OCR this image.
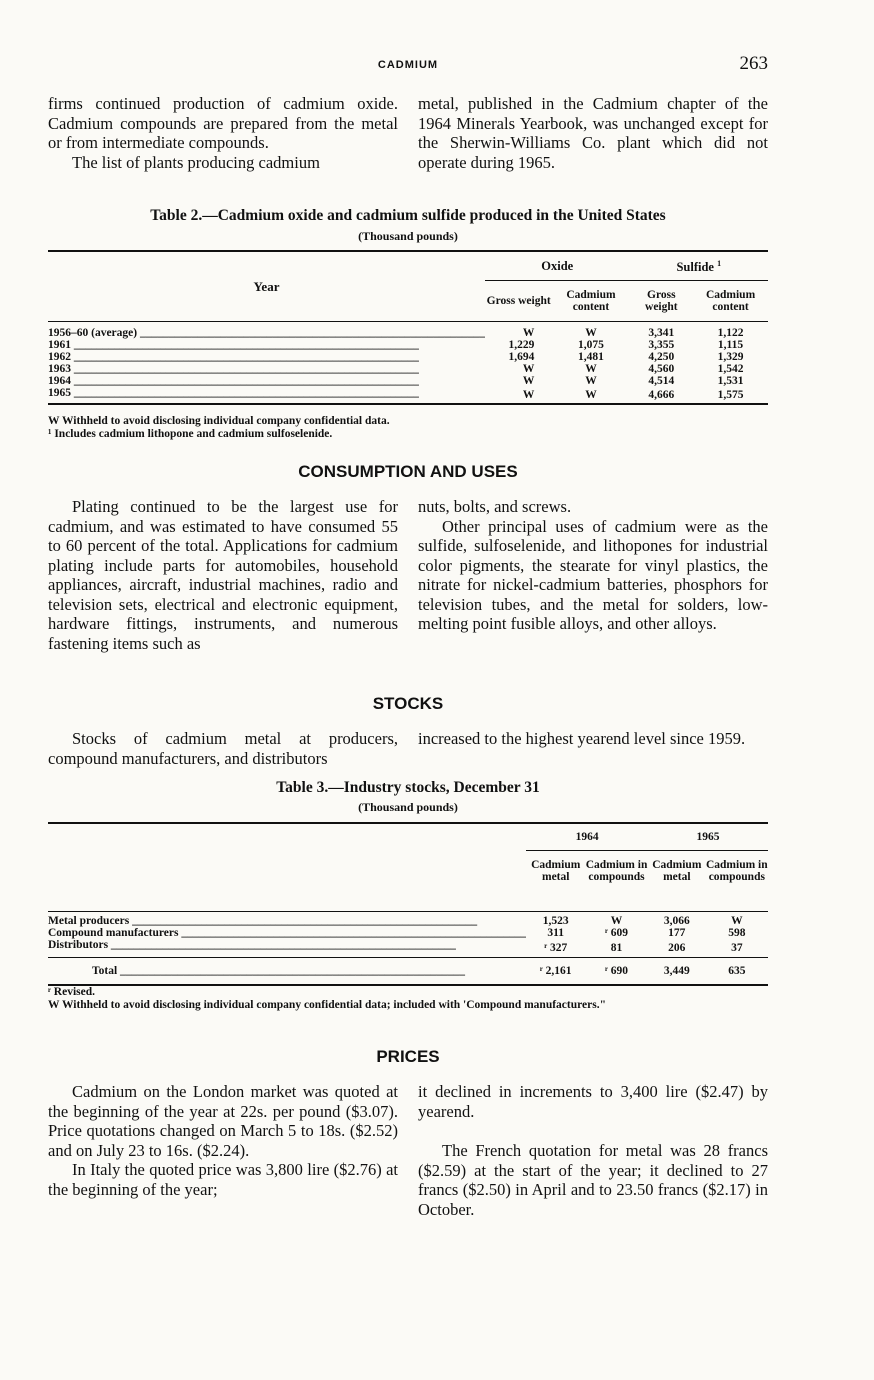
CADMIUM	263

firms continued production of cadmium oxide. Cadmium compounds are prepared from the metal or from intermediate compounds.

The list of plants producing cadmium

metal, published in the Cadmium chapter of the 1964 Minerals Yearbook, was unchanged except for the Sherwin-Williams Co. plant which did not operate during 1965.

Table 2.—Cadmium oxide and cadmium sulfide produced in the United States
(Thousand pounds)
Year	Oxide		Sulfide $^1$
	Gross weight	Cadmium content	Gross weight	Cadmium content

1956–60 (average) ____________________________________________________________	W	W	3,341	1,122
1961 ____________________________________________________________	1,229	1,075	3,355	1,115
1962 ____________________________________________________________	1,694	1,481	4,250	1,329
1963 ____________________________________________________________	W	W	4,560	1,542
1964 ____________________________________________________________	W	W	4,514	1,531
1965 ____________________________________________________________	W	W	4,666	1,575
W Withheld to avoid disclosing individual company confidential data.
¹ Includes cadmium lithopone and cadmium sulfoselenide.
CONSUMPTION AND USES

Plating continued to be the largest use for cadmium, and was estimated to have consumed 55 to 60 percent of the total. Applications for cadmium plating include parts for automobiles, household appliances, aircraft, industrial machines, radio and television sets, electrical and electronic equipment, hardware fittings, instruments, and numerous fastening items such as

nuts, bolts, and screws.

Other principal uses of cadmium were as the sulfide, sulfoselenide, and lithopones for industrial color pigments, the stearate for vinyl plastics, the nitrate for nickel-cadmium batteries, phosphors for television tubes, and the metal for solders, low-melting point fusible alloys, and other alloys.

STOCKS

Stocks of cadmium metal at producers, compound manufacturers, and distributors

increased to the highest yearend level since 1959.

Table 3.—Industry stocks, December 31
(Thousand pounds)
	1964		1965	
	Cadmium metal	Cadmium in compounds	Cadmium metal	Cadmium in compounds

Metal producers ____________________________________________________________	1,523	W	3,066	W
Compound manufacturers ____________________________________________________________	311	ʳ 609	177	598
Distributors ____________________________________________________________	ʳ 327	81	206	37
Total ____________________________________________________________	ʳ 2,161	ʳ 690	3,449	635
ʳ Revised.
W Withheld to avoid disclosing individual company confidential data; included with 'Compound manufacturers."
PRICES

Cadmium on the London market was quoted at the beginning of the year at 22s. per pound ($3.07). Price quotations changed on March 5 to 18s. ($2.52) and on July 23 to 16s. ($2.24).

In Italy the quoted price was 3,800 lire ($2.76) at the beginning of the year;

it declined in increments to 3,400 lire ($2.47) by yearend.

The French quotation for metal was 28 francs ($2.59) at the start of the year; it declined to 27 francs ($2.50) in April and to 23.50 francs ($2.17) in October.
